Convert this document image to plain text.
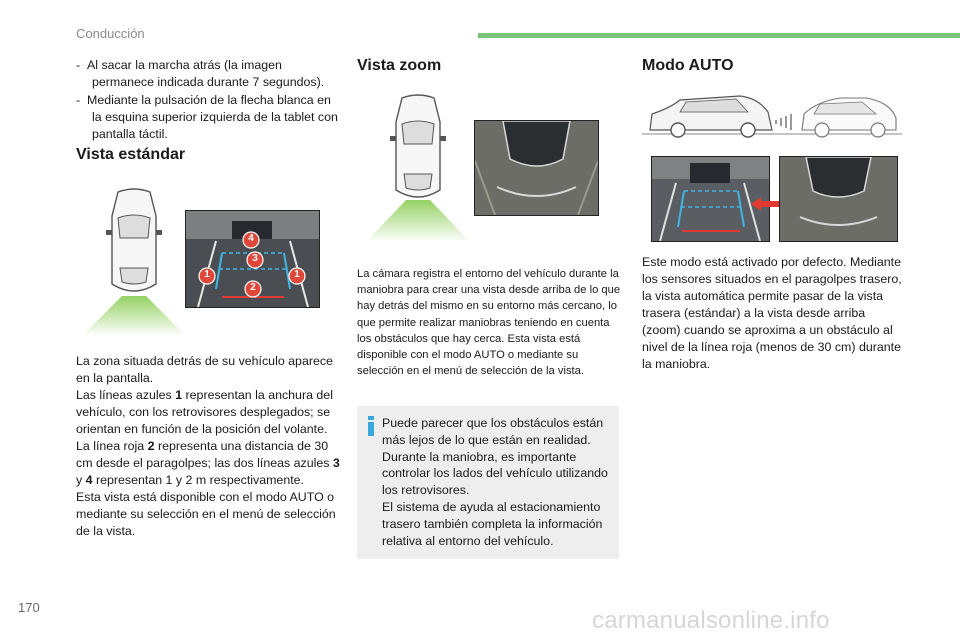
Conducción

-  Al sacar la marcha atrás (la imagen permanece indicada durante 7 segundos).

-  Mediante la pulsación de la flecha blanca en la esquina superior izquierda de la tablet con pantalla táctil.

Vista estándar
4
3
1	1
2

La zona situada detrás de su vehículo aparece en la pantalla.

Las líneas azules 1 representan la anchura del vehículo, con los retrovisores desplegados; se orientan en función de la posición del volante.

La línea roja 2 representa una distancia de 30 cm desde el paragolpes; las dos líneas azules 3 y 4 representan 1 y 2 m respectivamente.

Esta vista está disponible con el modo AUTO o mediante su selección en el menú de selección de la vista.

Vista zoom
La cámara registra el entorno del vehículo durante la maniobra para crear una vista desde arriba de lo que hay detrás del mismo en su entorno más cercano, lo que permite realizar maniobras teniendo en cuenta los obstáculos que hay cerca. Esta vista está disponible con el modo AUTO o mediante su selección en el menú de selección de la vista.

Puede parecer que los obstáculos están más lejos de lo que están en realidad.

Durante la maniobra, es importante controlar los lados del vehículo utilizando los retrovisores.

El sistema de ayuda al estacionamiento trasero también completa la información relativa al entorno del vehículo.

Modo AUTO
Este modo está activado por defecto. Mediante los sensores situados en el paragolpes trasero, la vista automática permite pasar de la vista trasera (estándar) a la vista desde arriba (zoom) cuando se aproxima a un obstáculo al nivel de la línea roja (menos de 30 cm) durante la maniobra.
170	carmanualsonline.info
